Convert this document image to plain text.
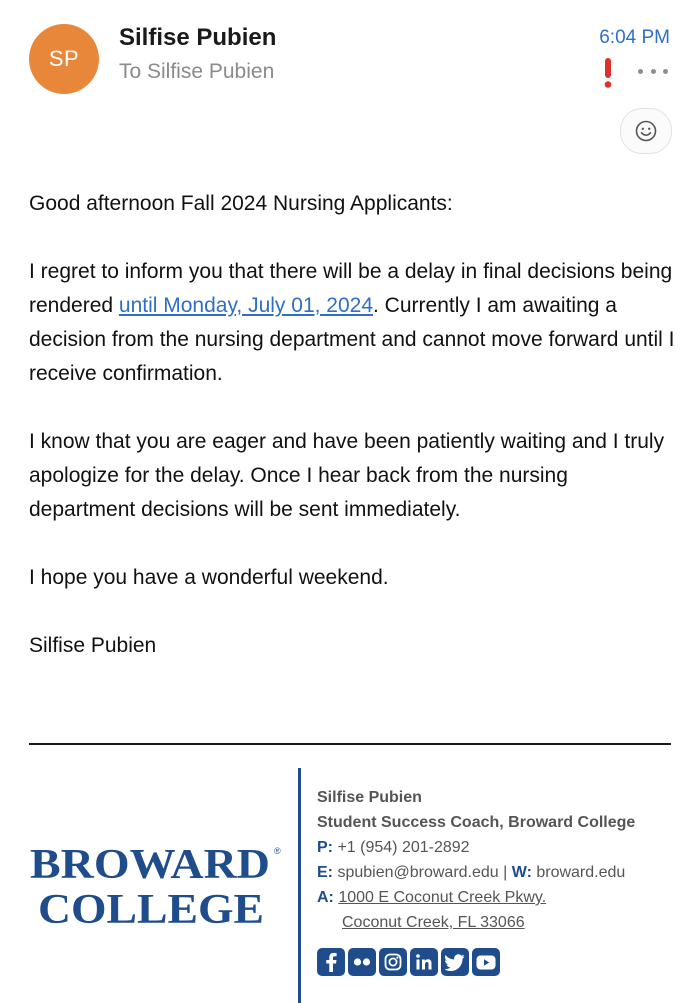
SP
Silfise Pubien
To Silfise Pubien
6:04 PM

Good afternoon Fall 2024 Nursing Applicants:

I regret to inform you that there will be a delay in final decisions being rendered until Monday, July 01, 2024. Currently I am awaiting a decision from the nursing department and cannot move forward until I receive confirmation.

I know that you are eager and have been patiently waiting and I truly apologize for the delay. Once I hear back from the nursing department decisions will be sent immediately.

I hope you have a wonderful weekend.

Silfise Pubien

BROWARD ®
COLLEGE
Silfise Pubien
Student Success Coach, Broward College
P: +1 (954) 201-2892
E: spubien@broward.edu | W: broward.edu
A: 1000 E Coconut Creek Pkwy.
Coconut Creek, FL 33066
